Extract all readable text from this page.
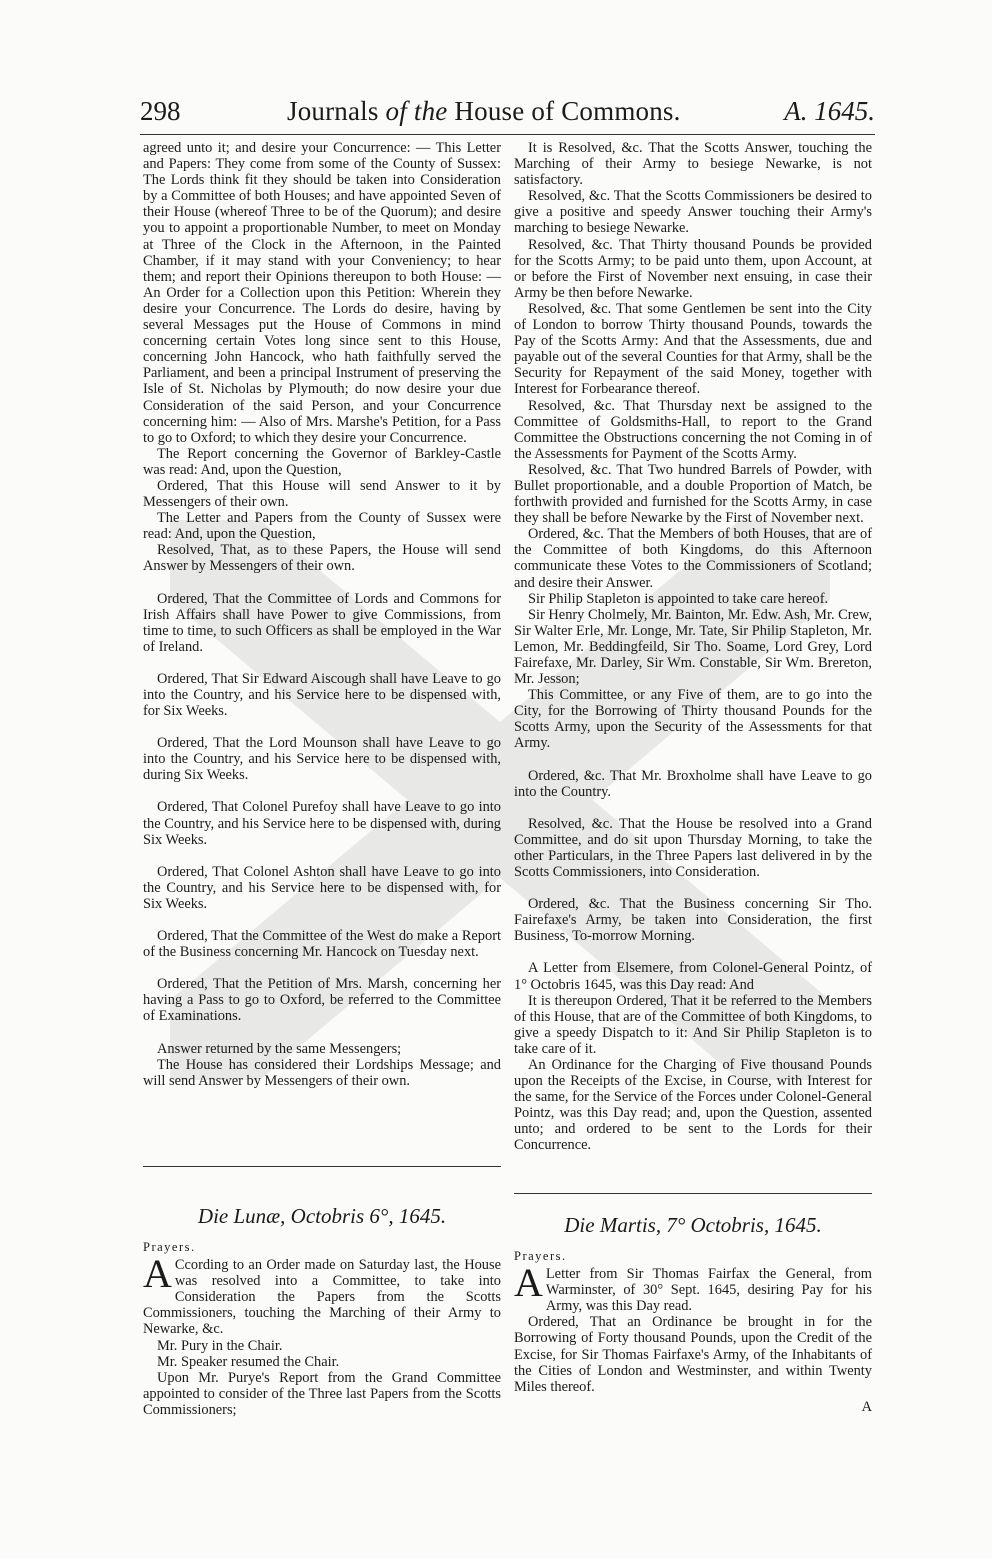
298	Journals of the House of Commons.	A. 1645.

agreed unto it; and desire your Concurrence: — This Letter and Papers: They come from some of the County of Sussex: The Lords think fit they should be taken into Consideration by a Committee of both Houses; and have appointed Seven of their House (whereof Three to be of the Quorum); and desire you to appoint a proportionable Number, to meet on Monday at Three of the Clock in the Afternoon, in the Painted Chamber, if it may stand with your Conveniency; to hear them; and report their Opinions thereupon to both House: — An Order for a Collection upon this Petition: Wherein they desire your Concurrence. The Lords do desire, having by several Messages put the House of Commons in mind concerning certain Votes long since sent to this House, concerning John Hancock, who hath faithfully served the Parliament, and been a principal Instrument of preserving the Isle of St. Nicholas by Plymouth; do now desire your due Consideration of the said Person, and your Concurrence concerning him: — Also of Mrs. Marshe's Petition, for a Pass to go to Oxford; to which they desire your Concurrence.

The Report concerning the Governor of Barkley-Castle was read: And, upon the Question,

Ordered, That this House will send Answer to it by Messengers of their own.

The Letter and Papers from the County of Sussex were read: And, upon the Question,

Resolved, That, as to these Papers, the House will send Answer by Messengers of their own.

Ordered, That the Committee of Lords and Commons for Irish Affairs shall have Power to give Commissions, from time to time, to such Officers as shall be employed in the War of Ireland.

Ordered, That Sir Edward Aiscough shall have Leave to go into the Country, and his Service here to be dispensed with, for Six Weeks.

Ordered, That the Lord Mounson shall have Leave to go into the Country, and his Service here to be dispensed with, during Six Weeks.

Ordered, That Colonel Purefoy shall have Leave to go into the Country, and his Service here to be dispensed with, during Six Weeks.

Ordered, That Colonel Ashton shall have Leave to go into the Country, and his Service here to be dispensed with, for Six Weeks.

Ordered, That the Committee of the West do make a Report of the Business concerning Mr. Hancock on Tuesday next.

Ordered, That the Petition of Mrs. Marsh, concerning her having a Pass to go to Oxford, be referred to the Committee of Examinations.

Answer returned by the same Messengers;

The House has considered their Lordships Message; and will send Answer by Messengers of their own.

It is Resolved, &c. That the Scotts Answer, touching the Marching of their Army to besiege Newarke, is not satisfactory.

Resolved, &c. That the Scotts Commissioners be desired to give a positive and speedy Answer touching their Army's marching to besiege Newarke.

Resolved, &c. That Thirty thousand Pounds be provided for the Scotts Army; to be paid unto them, upon Account, at or before the First of November next ensuing, in case their Army be then before Newarke.

Resolved, &c. That some Gentlemen be sent into the City of London to borrow Thirty thousand Pounds, towards the Pay of the Scotts Army: And that the Assessments, due and payable out of the several Counties for that Army, shall be the Security for Repayment of the said Money, together with Interest for Forbearance thereof.

Resolved, &c. That Thursday next be assigned to the Committee of Goldsmiths-Hall, to report to the Grand Committee the Obstructions concerning the not Coming in of the Assessments for Payment of the Scotts Army.

Resolved, &c. That Two hundred Barrels of Powder, with Bullet proportionable, and a double Proportion of Match, be forthwith provided and furnished for the Scotts Army, in case they shall be before Newarke by the First of November next.

Ordered, &c. That the Members of both Houses, that are of the Committee of both Kingdoms, do this Afternoon communicate these Votes to the Commissioners of Scotland; and desire their Answer.

Sir Philip Stapleton is appointed to take care hereof.

Sir Henry Cholmely, Mr. Bainton, Mr. Edw. Ash, Mr. Crew, Sir Walter Erle, Mr. Longe, Mr. Tate, Sir Philip Stapleton, Mr. Lemon, Mr. Beddingfeild, Sir Tho. Soame, Lord Grey, Lord Fairefaxe, Mr. Darley, Sir Wm. Constable, Sir Wm. Brereton, Mr. Jesson;

This Committee, or any Five of them, are to go into the City, for the Borrowing of Thirty thousand Pounds for the Scotts Army, upon the Security of the Assessments for that Army.

Ordered, &c. That Mr. Broxholme shall have Leave to go into the Country.

Resolved, &c. That the House be resolved into a Grand Committee, and do sit upon Thursday Morning, to take the other Particulars, in the Three Papers last delivered in by the Scotts Commissioners, into Consideration.

Ordered, &c. That the Business concerning Sir Tho. Fairefaxe's Army, be taken into Consideration, the first Business, To-morrow Morning.

A Letter from Elsemere, from Colonel-General Pointz, of 1° Octobris 1645, was this Day read: And

It is thereupon Ordered, That it be referred to the Members of this House, that are of the Committee of both Kingdoms, to give a speedy Dispatch to it: And Sir Philip Stapleton is to take care of it.

An Ordinance for the Charging of Five thousand Pounds upon the Receipts of the Excise, in Course, with Interest for the same, for the Service of the Forces under Colonel-General Pointz, was this Day read; and, upon the Question, assented unto; and ordered to be sent to the Lords for their Concurrence.

Die Lunæ, Octobris 6°, 1645.

Prayers.

A Ccording to an Order made on Saturday last, the House was resolved into a Committee, to take into Consideration the Papers from the Scotts Commissioners, touching the Marching of their Army to Newarke, &c.

Mr. Pury in the Chair.

Mr. Speaker resumed the Chair.

Upon Mr. Purye's Report from the Grand Committee appointed to consider of the Three last Papers from the Scotts Commissioners;

Die Martis, 7° Octobris, 1645.

Prayers.

A Letter from Sir Thomas Fairfax the General, from Warminster, of 30° Sept. 1645, desiring Pay for his Army, was this Day read.

Ordered, That an Ordinance be brought in for the Borrowing of Forty thousand Pounds, upon the Credit of the Excise, for Sir Thomas Fairfaxe's Army, of the Inhabitants of the Cities of London and Westminster, and within Twenty Miles thereof.

A
